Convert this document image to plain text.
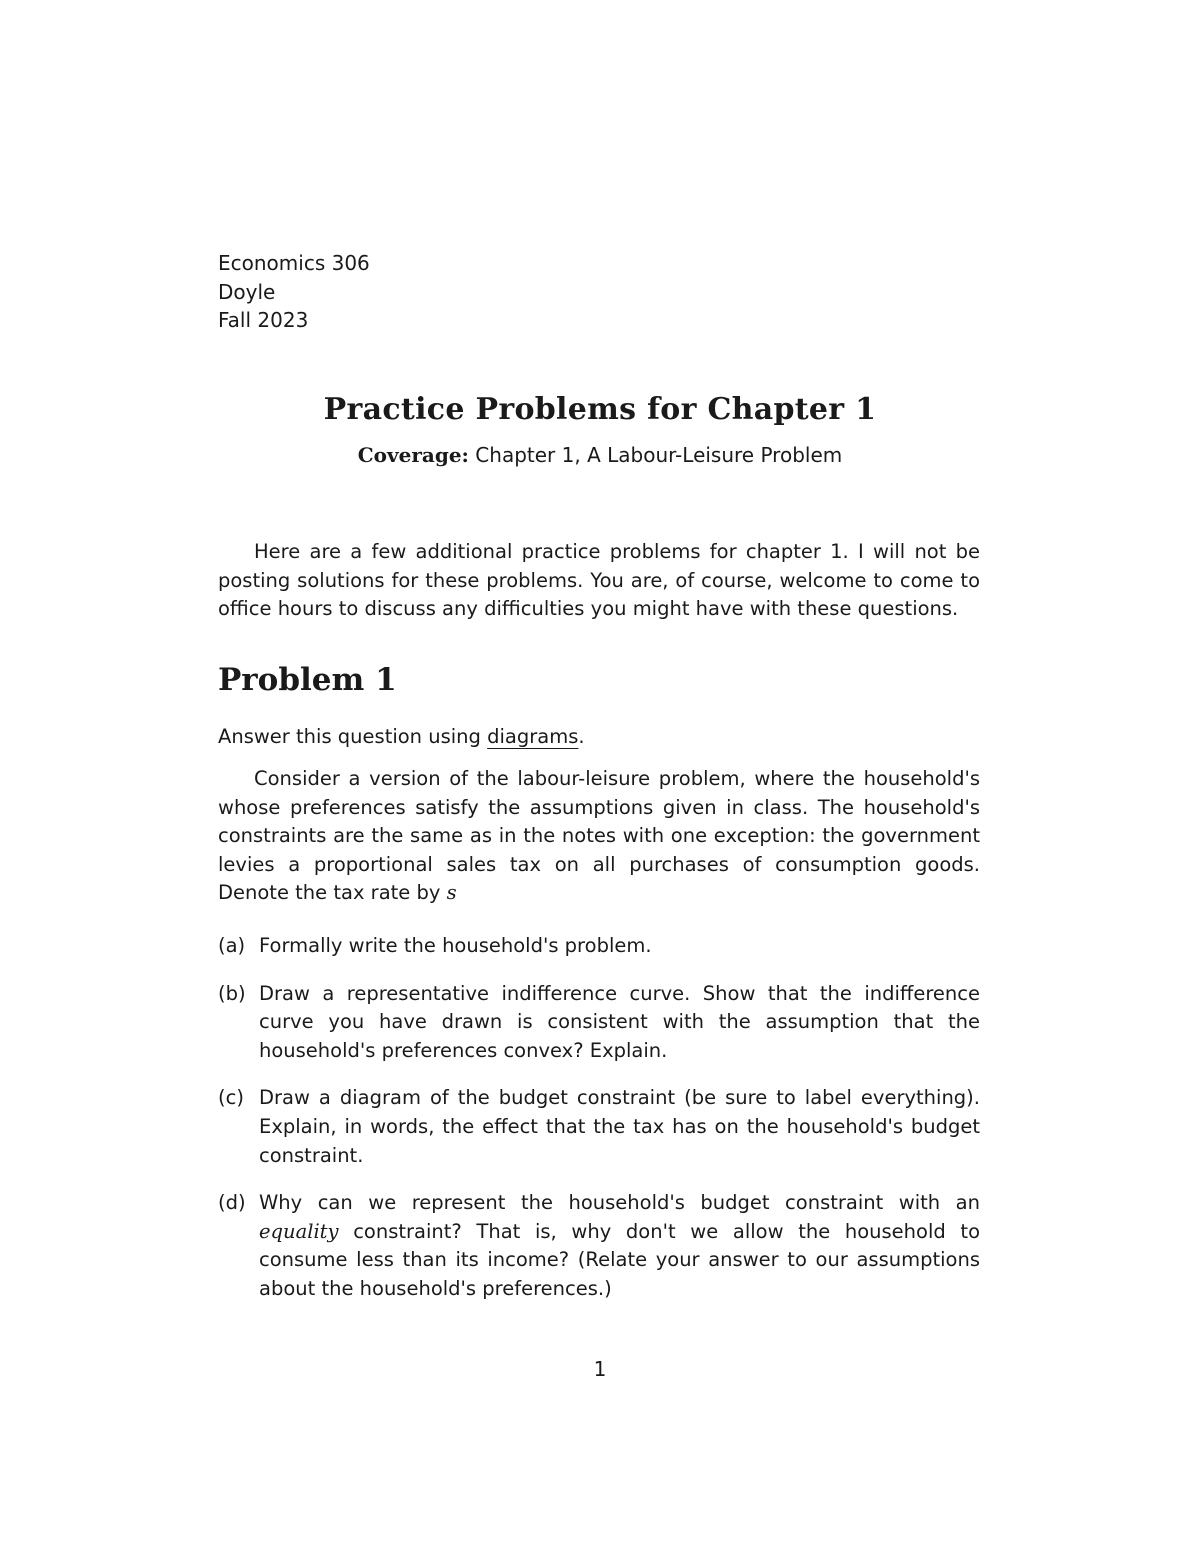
Economics 306
Doyle
Fall 2023
Practice Problems for Chapter 1
Coverage: Chapter 1, A Labour-Leisure Problem
Here are a few additional practice problems for chapter 1. I will not be posting solutions for these problems. You are, of course, welcome to come to office hours to discuss any difficulties you might have with these questions.
Problem 1
Answer this question using diagrams.
Consider a version of the labour-leisure problem, where the household's whose preferences satisfy the assumptions given in class. The household's constraints are the same as in the notes with one exception: the government levies a proportional sales tax on all purchases of consumption goods. Denote the tax rate by s
(a) Formally write the household's problem.
(b) Draw a representative indifference curve. Show that the indifference curve you have drawn is consistent with the assumption that the household's preferences convex? Explain.
(c) Draw a diagram of the budget constraint (be sure to label everything). Explain, in words, the effect that the tax has on the household's budget constraint.
(d) Why can we represent the household's budget constraint with an equality constraint? That is, why don't we allow the household to consume less than its income? (Relate your answer to our assumptions about the household's preferences.)
1
